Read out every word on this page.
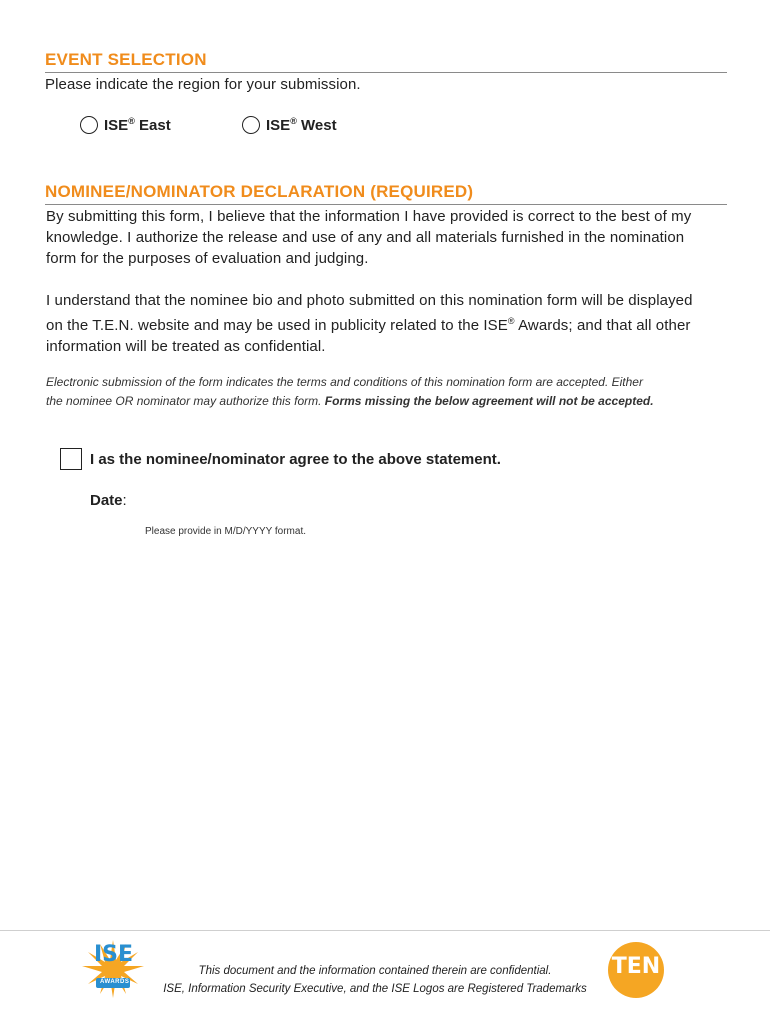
EVENT SELECTION
Please indicate the region for your submission.
ISE® East	ISE® West
NOMINEE/NOMINATOR DECLARATION (REQUIRED)
By submitting this form, I believe that the information I have provided is correct to the best of my
knowledge. I authorize the release and use of any and all materials furnished in the nomination
form for the purposes of evaluation and judging.
I understand that the nominee bio and photo submitted on this nomination form will be displayed
on the T.E.N. website and may be used in publicity related to the ISE® Awards; and that all other
information will be treated as confidential.
Electronic submission of the form indicates the terms and conditions of this nomination form are accepted. Either
the nominee OR nominator may authorize this form. Forms missing the below agreement will not be accepted.
I as the nominee/nominator agree to the above statement.
Date:
Please provide in M/D/YYYY format.
ISE
AWARDS
This document and the information contained therein are confidential.
ISE, Information Security Executive, and the ISE Logos are Registered Trademarks
TEN
